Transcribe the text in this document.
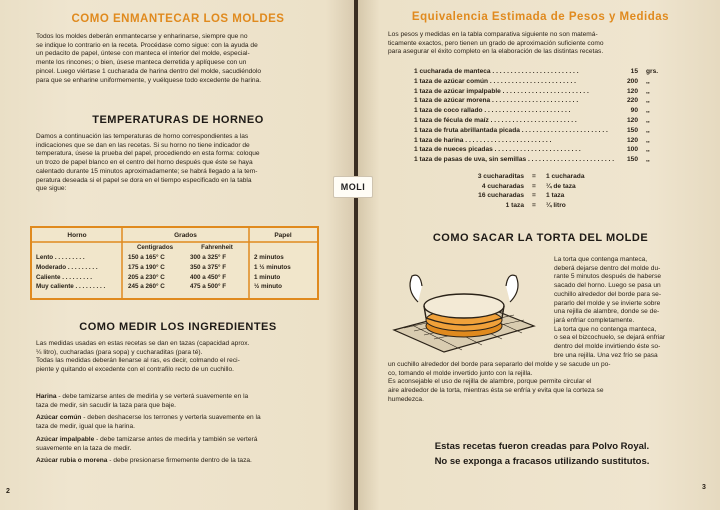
COMO ENMANTECAR LOS MOLDES

Todos los moldes deberán enmantecarse y enharinarse, siempre que no

se indique lo contrario en la receta. Procédase como sigue: con la ayuda de

un pedacito de papel, úntese con manteca el interior del molde, especial-

mente los rincones; o bien, úsese manteca derretida y aplíquese con un

pincel. Luego viértase 1 cucharada de harina dentro del molde, sacudiéndolo

para que se enharine uniformemente, y vuélquese todo excedente de harina.

TEMPERATURAS DE HORNEO

Damos a continuación las temperaturas de horno correspondientes a las

indicaciones que se dan en las recetas. Si su horno no tiene indicador de

temperatura, úsese la prueba del papel, procediendo en esta forma: coloque

un trozo de papel blanco en el centro del horno después que éste se haya

calentado durante 15 minutos aproximadamente; se habrá llegado a la tem-

peratura deseada si el papel se dora en el tiempo especificado en la tabla

que sigue:

Horno	Grados	Papel
Centigrados	Fahrenheit
Lento . . . . . . . . .	150 a 165° C	300 a 325° F	2 minutos
Moderado . . . . . . . . .	175 a 190° C	350 a 375° F	1 ½ minutos
Caliente . . . . . . . . .	205 a 230° C	400 a 450° F	1 minuto
Muy caliente . . . . . . . . .	245 a 260° C	475 a 500° F	½ minuto
COMO MEDIR LOS INGREDIENTES

Las medidas usadas en estas recetas se dan en tazas (capacidad aprox.

¼ litro), cucharadas (para sopa) y cucharaditas (para té).

Todas las medidas deberán llenarse al ras, es decir, colmando el reci-

piente y quitando el excedente con el contrafilo recto de un cuchillo.

Harina - debe tamizarse antes de medirla y se verterá suavemente en la
taza de medir, sin sacudir la taza para que baje.

Azúcar común - deben deshacerse los terrones y verterla suavemente en la
taza de medir, igual que la harina.

Azúcar impalpable - debe tamizarse antes de medirla y también se verterá
suavemente en la taza de medir.

Azúcar rubia o morena - debe presionarse firmemente dentro de la taza.

2
Equivalencia Estimada de Pesos y Medidas

Los pesos y medidas en la tabla comparativa siguiente no son matemá-

ticamente exactos, pero tienen un grado de aproximación suficiente como

para asegurar el éxito completo en la elaboración de las distintas recetas.

1 cucharada de manteca . . . . . . . . . . . . . . . . . . . . . . . .	15 grs.
1 taza de azúcar común . . . . . . . . . . . . . . . . . . . . . . . .	200 ,,
1 taza de azúcar impalpable . . . . . . . . . . . . . . . . . . . . . . . .	120 ,,
1 taza de azúcar morena . . . . . . . . . . . . . . . . . . . . . . . .	220 ,,
1 taza de coco rallado . . . . . . . . . . . . . . . . . . . . . . . .	90 ,,
1 taza de fécula de maíz . . . . . . . . . . . . . . . . . . . . . . . .	120 ,,
1 taza de fruta abrillantada picada . . . . . . . . . . . . . . . . . . . . . . . .	150 ,,
1 taza de harina . . . . . . . . . . . . . . . . . . . . . . . .	120 ,,
1 taza de nueces picadas . . . . . . . . . . . . . . . . . . . . . . . .	100 ,,
1 taza de pasas de uva, sin semillas . . . . . . . . . . . . . . . . . . . . . . . .	150 ,,
3 cucharaditas = 1 cucharada
4 cucharadas = ¼ de taza
16 cucharadas = 1 taza
1 taza = ¼ litro
COMO SACAR LA TORTA DEL MOLDE

La torta que contenga manteca,

deberá dejarse dentro del molde du-

rante 5 minutos después de haberse

sacado del horno. Luego se pasa un

cuchillo alrededor del borde para se-

pararlo del molde y se invierte sobre

una rejilla de alambre, donde se de-

jará enfriar completamente.

La torta que no contenga manteca,

o sea el bizcochuelo, se dejará enfriar

dentro del molde invirtiendo éste so-

bre una rejilla. Una vez frío se pasa

un cuchillo alrededor del borde para separarlo del molde y se sacude un po-

co, tomando el molde invertido junto con la rejilla.

Es aconsejable el uso de rejilla de alambre, porque permite circular el

aire alrededor de la torta, mientras ésta se enfría y evita que la corteza se

humedezca.

Estas recetas fueron creadas para Polvo Royal.
No se exponga a fracasos utilizando sustitutos.
3
MOLI
